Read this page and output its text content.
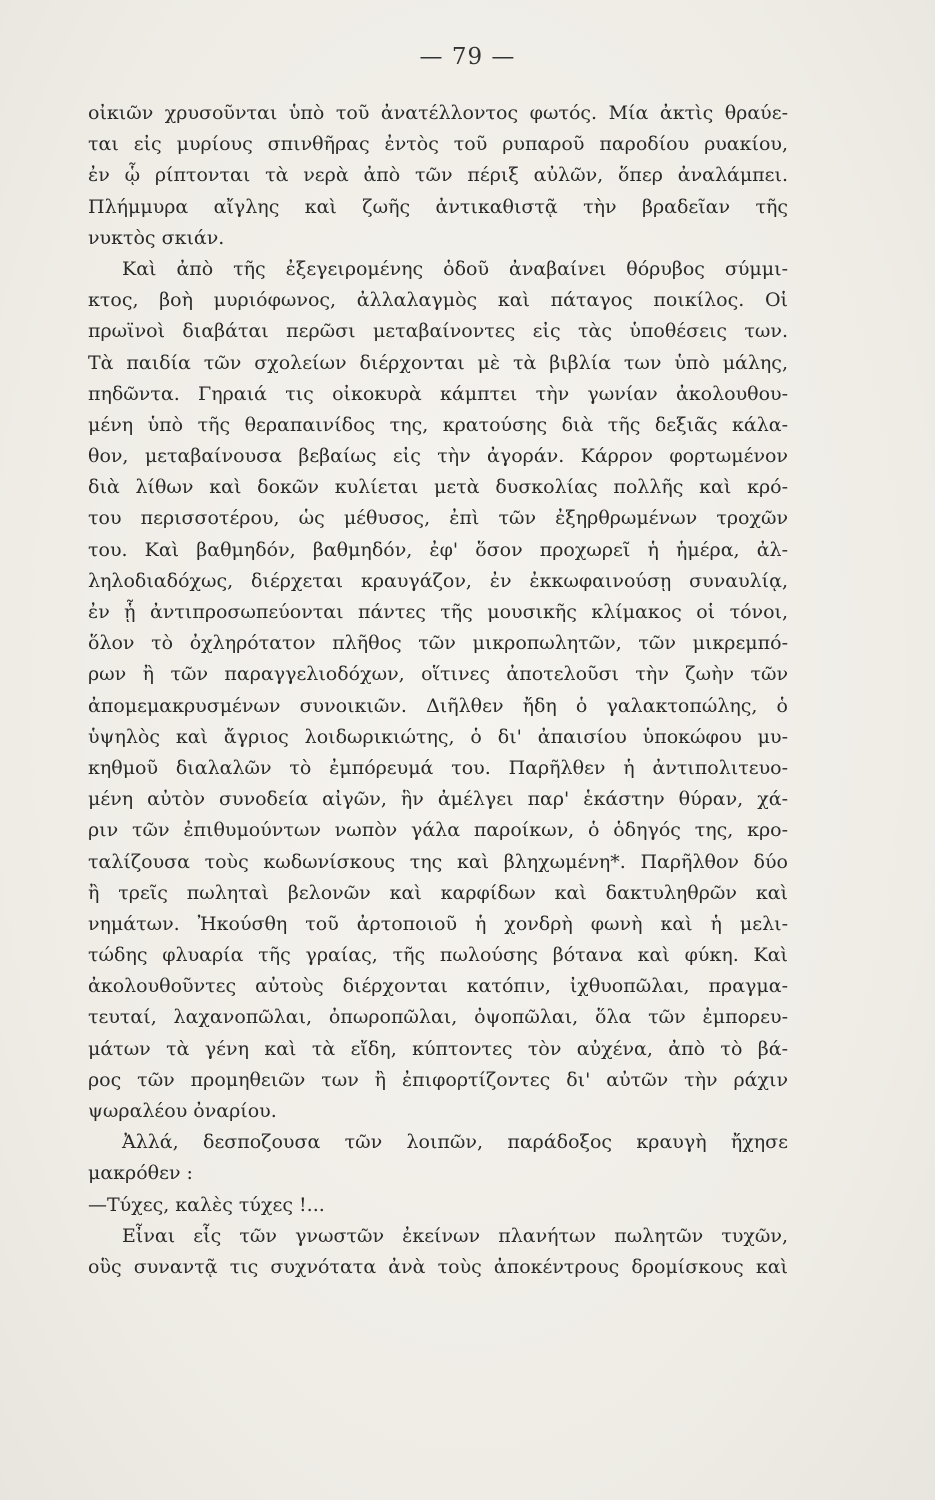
— 79 —
οἰκιῶν χρυσοῦνται ὑπὸ τοῦ ἀνατέλλοντος φωτός. Μία ἀκτὶς θραύε-
ται εἰς μυρίους σπινθῆρας ἐντὸς τοῦ ρυπαροῦ παροδίου ρυακίου,
ἐν ᾧ ρίπτονται τὰ νερὰ ἀπὸ τῶν πέριξ αὐλῶν, ὅπερ ἀναλάμπει.
Πλήμμυρα αἴγλης καὶ ζωῆς ἀντικαθιστᾷ τὴν βραδεῖαν τῆς
νυκτὸς σκιάν.
Καὶ ἀπὸ τῆς ἐξεγειρομένης ὁδοῦ ἀναβαίνει θόρυβος σύμμι-
κτος, βοὴ μυριόφωνος, ἀλλαλαγμὸς καὶ πάταγος ποικίλος. Οἱ
πρωϊνοὶ διαβάται περῶσι μεταβαίνοντες εἰς τὰς ὑποθέσεις των.
Τὰ παιδία τῶν σχολείων διέρχονται μὲ τὰ βιβλία των ὑπὸ μάλης,
πηδῶντα. Γηραιά τις οἰκοκυρὰ κάμπτει τὴν γωνίαν ἀκολουθου-
μένη ὑπὸ τῆς θεραπαινίδος της, κρατούσης διὰ τῆς δεξιᾶς κάλα-
θον, μεταβαίνουσα βεβαίως εἰς τὴν ἀγοράν. Κάρρον φορτωμένον
διὰ λίθων καὶ δοκῶν κυλίεται μετὰ δυσκολίας πολλῆς καὶ κρό-
του περισσοτέρου, ὡς μέθυσος, ἐπὶ τῶν ἐξηρθρωμένων τροχῶν
του. Καὶ βαθμηδόν, βαθμηδόν, ἐφ' ὅσον προχωρεῖ ἡ ἡμέρα, ἀλ-
ληλοδιαδόχως, διέρχεται κραυγάζον, ἐν ἐκκωφαινούσῃ συναυλίᾳ,
ἐν ᾗ ἀντιπροσωπεύονται πάντες τῆς μουσικῆς κλίμακος οἱ τόνοι,
ὅλον τὸ ὀχληρότατον πλῆθος τῶν μικροπωλητῶν, τῶν μικρεμπό-
ρων ἢ τῶν παραγγελιοδόχων, οἵτινες ἀποτελοῦσι τὴν ζωὴν τῶν
ἀπομεμακρυσμένων συνοικιῶν. Διῆλθεν ἤδη ὁ γαλακτοπώλης, ὁ
ὑψηλὸς καὶ ἄγριος λοιδωρικιώτης, ὁ δι' ἀπαισίου ὑποκώφου μυ-
κηθμοῦ διαλαλῶν τὸ ἐμπόρευμά του. Παρῆλθεν ἡ ἀντιπολιτευο-
μένη αὐτὸν συνοδεία αἰγῶν, ἣν ἀμέλγει παρ' ἑκάστην θύραν, χά-
ριν τῶν ἐπιθυμούντων νωπὸν γάλα παροίκων, ὁ ὁδηγός της, κρο-
ταλίζουσα τοὺς κωδωνίσκους της καὶ βληχωμένη*. Παρῆλθον δύο
ἢ τρεῖς πωληταὶ βελονῶν καὶ καρφίδων καὶ δακτυληθρῶν καὶ
νημάτων. Ἠκούσθη τοῦ ἀρτοποιοῦ ἡ χονδρὴ φωνὴ καὶ ἡ μελι-
τώδης φλυαρία τῆς γραίας, τῆς πωλούσης βότανα καὶ φύκη. Καὶ
ἀκολουθοῦντες αὐτοὺς διέρχονται κατόπιν, ἰχθυοπῶλαι, πραγμα-
τευταί, λαχανοπῶλαι, ὀπωροπῶλαι, ὀψοπῶλαι, ὅλα τῶν ἐμπορευ-
μάτων τὰ γένη καὶ τὰ εἴδη, κύπτοντες τὸν αὐχένα, ἀπὸ τὸ βά-
ρος τῶν προμηθειῶν των ἢ ἐπιφορτίζοντες δι' αὐτῶν τὴν ράχιν
ψωραλέου ὀναρίου.
Ἀλλά, δεσποζουσα τῶν λοιπῶν, παράδοξος κραυγὴ ἤχησε
μακρόθεν :
—Τύχες, καλὲς τύχες !...
Εἶναι εἷς τῶν γνωστῶν ἐκείνων πλανήτων πωλητῶν τυχῶν,
οὓς συναντᾷ τις συχνότατα ἀνὰ τοὺς ἀποκέντρους δρομίσκους καὶ
